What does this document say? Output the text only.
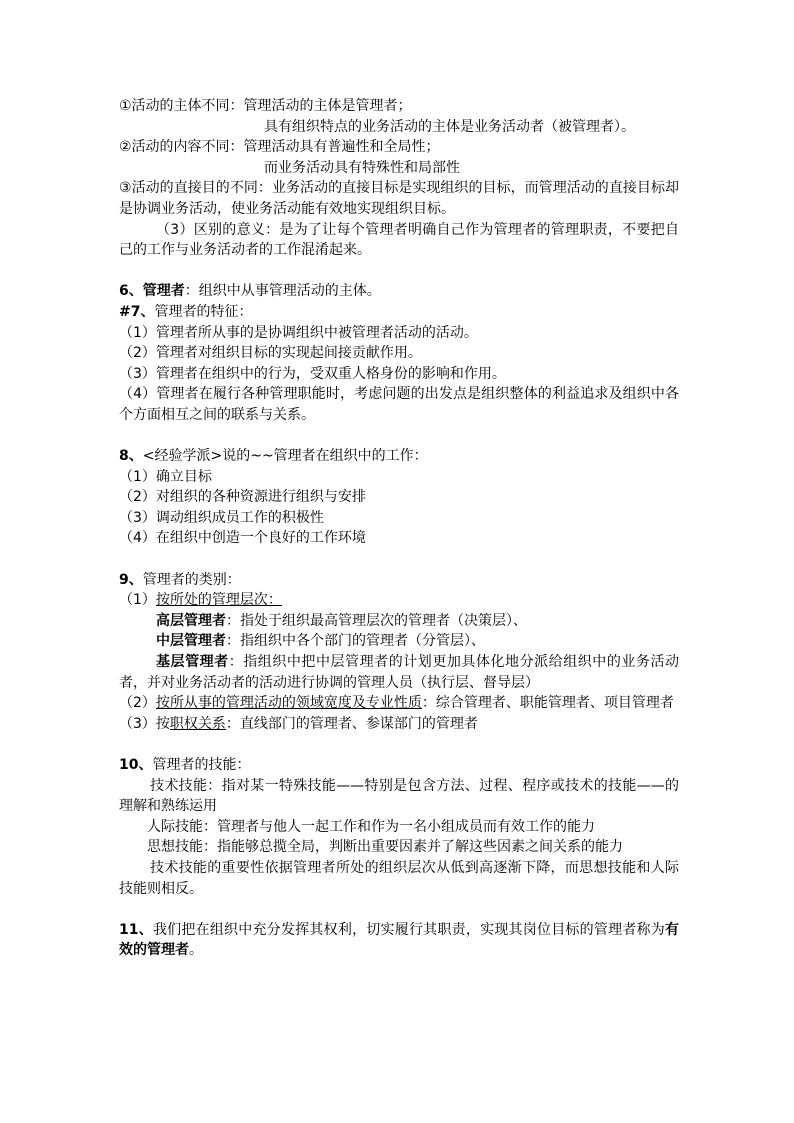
①活动的主体不同：管理活动的主体是管理者；
具有组织特点的业务活动的主体是业务活动者（被管理者）。
②活动的内容不同：管理活动具有普遍性和全局性；
而业务活动具有特殊性和局部性
③活动的直接目的不同：业务活动的直接目标是实现组织的目标，而管理活动的直接目标却是协调业务活动，使业务活动能有效地实现组织目标。
（3）区别的意义：是为了让每个管理者明确自己作为管理者的管理职责，不要把自己的工作与业务活动者的工作混淆起来。
6、管理者：组织中从事管理活动的主体。
#7、管理者的特征：
（1）管理者所从事的是协调组织中被管理者活动的活动。
（2）管理者对组织目标的实现起间接贡献作用。
（3）管理者在组织中的行为，受双重人格身份的影响和作用。
（4）管理者在履行各种管理职能时，考虑问题的出发点是组织整体的利益追求及组织中各个方面相互之间的联系与关系。
8、<经验学派>说的~~管理者在组织中的工作：
（1）确立目标
（2）对组织的各种资源进行组织与安排
（3）调动组织成员工作的积极性
（4）在组织中创造一个良好的工作环境
9、管理者的类别：
（1）按所处的管理层次：
高层管理者：指处于组织最高管理层次的管理者（决策层）、
中层管理者：指组织中各个部门的管理者（分管层）、
基层管理者：指组织中把中层管理者的计划更加具体化地分派给组织中的业务活动者，并对业务活动者的活动进行协调的管理人员（执行层、督导层）
（2）按所从事的管理活动的领域宽度及专业性质：综合管理者、职能管理者、项目管理者
（3）按职权关系：直线部门的管理者、参谋部门的管理者
10、管理者的技能：
技术技能：指对某一特殊技能——特别是包含方法、过程、程序或技术的技能——的理解和熟练运用
人际技能：管理者与他人一起工作和作为一名小组成员而有效工作的能力
思想技能：指能够总揽全局，判断出重要因素并了解这些因素之间关系的能力
技术技能的重要性依据管理者所处的组织层次从低到高逐渐下降，而思想技能和人际技能则相反。
11、我们把在组织中充分发挥其权利，切实履行其职责，实现其岗位目标的管理者称为有效的管理者。
